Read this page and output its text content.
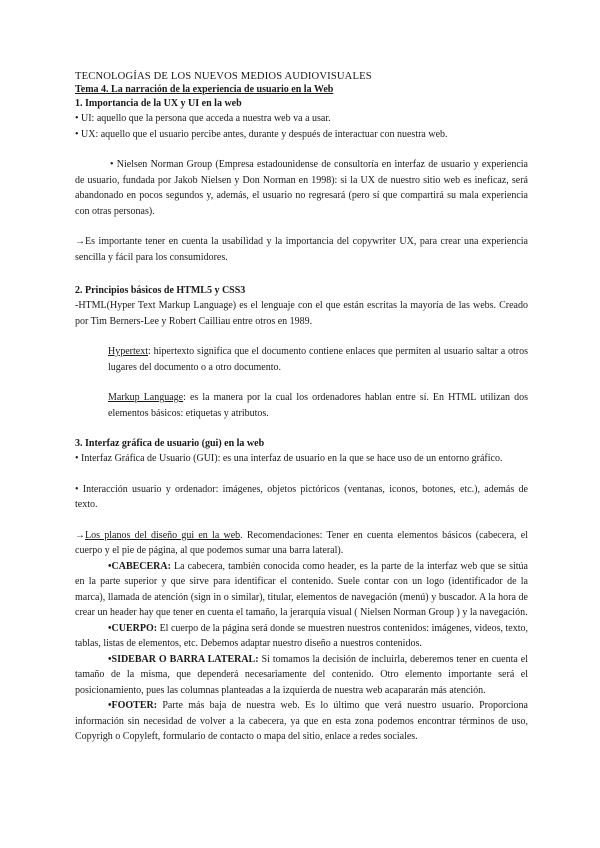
TECNOLOGÍAS DE LOS NUEVOS MEDIOS AUDIOVISUALES

Tema 4. La narración de la experiencia de usuario en la Web

1. Importancia de la UX y UI en la web

• UI: aquello que la persona que acceda a nuestra web va a usar.

• UX: aquello que el usuario percibe antes, durante y después de interactuar con nuestra web.

• Nielsen Norman Group (Empresa estadounidense de consultoría en interfaz de usuario y experiencia de usuario, fundada por Jakob Nielsen y Don Norman en 1998): si la UX de nuestro sitio web es ineficaz, será abandonado en pocos segundos y, además, el usuario no regresará (pero sí que compartirá su mala experiencia con otras personas).

→Es importante tener en cuenta la usabilidad y la importancia del copywriter UX, para crear una experiencia sencilla y fácil para los consumidores.

2. Principios básicos de HTML5 y CSS3

-HTML(Hyper Text Markup Language) es el lenguaje con el que están escritas la mayoría de las webs. Creado por Tim Berners-Lee y Robert Cailliau entre otros en 1989.

Hypertext: hipertexto significa que el documento contiene enlaces que permiten al usuario saltar a otros lugares del documento o a otro documento.

Markup Language: es la manera por la cual los ordenadores hablan entre sí. En HTML utilizan dos elementos básicos: etiquetas y atributos.

3. Interfaz gráfica de usuario (gui) en la web

• Interfaz Gráfica de Usuario (GUI): es una interfaz de usuario en la que se hace uso de un entorno gráfico.

• Interacción usuario y ordenador: imágenes, objetos pictóricos (ventanas, iconos, botones, etc.), además de texto.

→Los planos del diseño gui en la web. Recomendaciones: Tener en cuenta elementos básicos (cabecera, el cuerpo y el pie de página, al que podemos sumar una barra lateral).

•CABECERA: La cabecera, también conocida como header, es la parte de la interfaz web que se sitúa en la parte superior y que sirve para identificar el contenido. Suele contar con un logo (identificador de la marca), llamada de atención (sign in o similar), titular, elementos de navegación (menú) y buscador. A la hora de crear un header hay que tener en cuenta el tamaño, la jerarquía visual ( Nielsen Norman Group ) y la navegación.

•CUERPO: El cuerpo de la página será donde se muestren nuestros contenidos: imágenes, videos, texto, tablas, listas de elementos, etc. Debemos adaptar nuestro diseño a nuestros contenidos.

•SIDEBAR O BARRA LATERAL: Si tomamos la decisión de incluirla, deberemos tener en cuenta el tamaño de la misma, que dependerá necesariamente del contenido. Otro elemento importante será el posicionamiento, pues las columnas planteadas a la izquierda de nuestra web acapararán más atención.

•FOOTER: Parte más baja de nuestra web. Es lo último que verá nuestro usuario. Proporciona información sin necesidad de volver a la cabecera, ya que en esta zona podemos encontrar términos de uso, Copyrigh o Copyleft, formulario de contacto o mapa del sitio, enlace a redes sociales.
